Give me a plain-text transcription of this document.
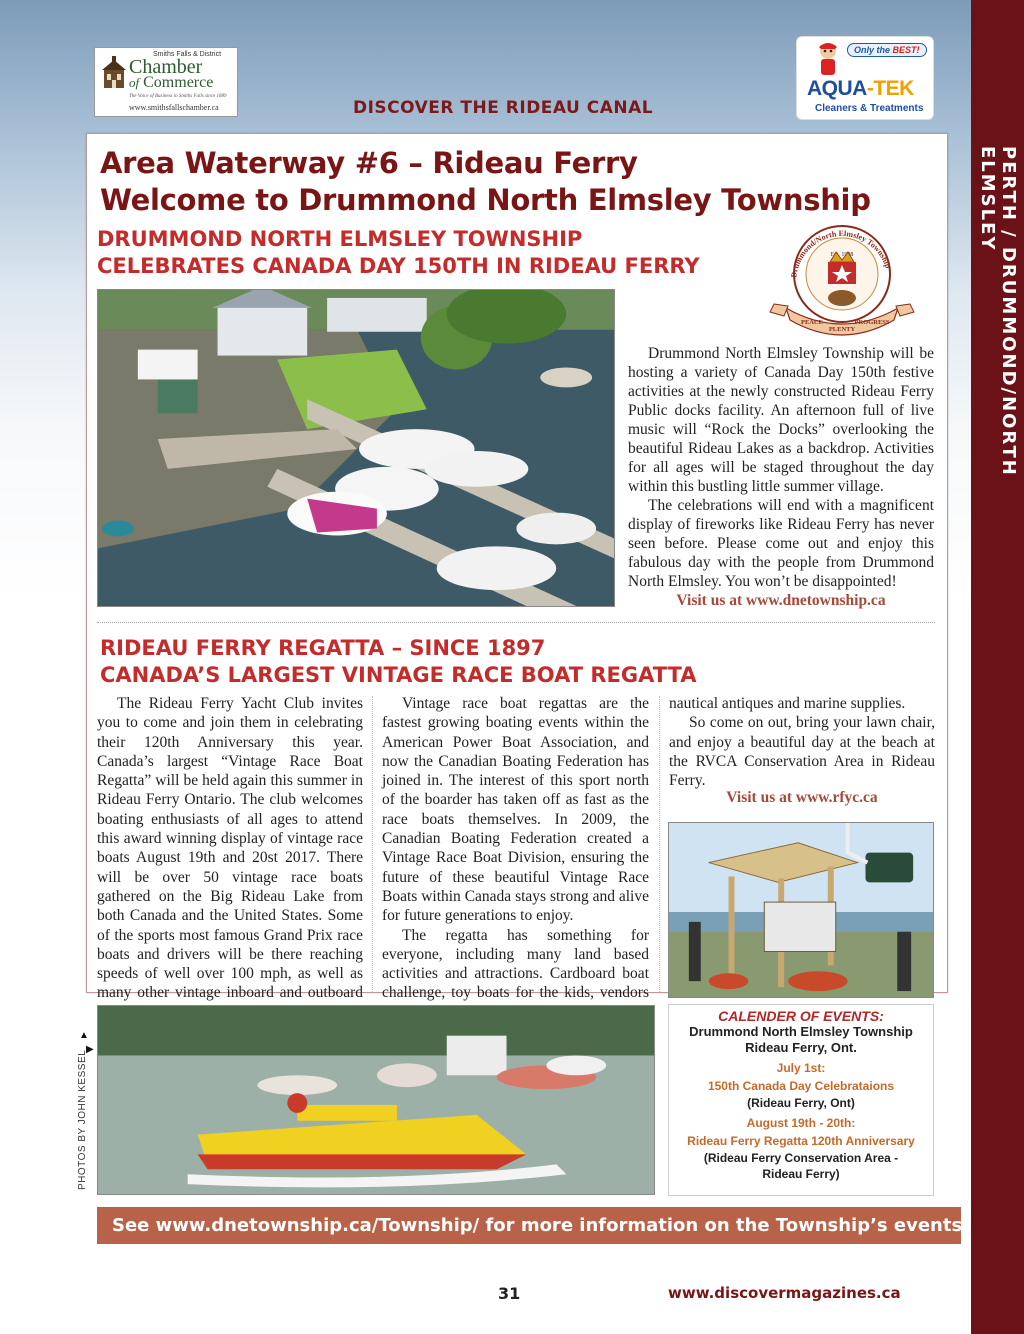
PERTH / DRUMMOND/NORTH ELMSLEY
Smiths Falls & District
Chamber
of Commerce
The Voice of Business in Smiths Falls since 1889
www.smithsfallschamber.ca
Only the BEST!
AQUA-TEK
Cleaners & Treatments
DISCOVER THE RIDEAU CANAL
Area Waterway #6 – Rideau Ferry
Welcome to Drummond North Elmsley Township
DRUMMOND NORTH ELMSLEY TOWNSHIP
CELEBRATES CANADA DAY 150TH IN RIDEAU FERRY	Drummond/North Elmsley Township
Est. 1998
PEACE
PLENTY
PROGRESS

Drummond North Elmsley Township will be hosting a variety of Canada Day 150th festive activities at the newly constructed Rideau Ferry Public docks facility. An afternoon full of live music will “Rock the Docks” overlooking the beautiful Rideau Lakes as a backdrop. Activities for all ages will be staged throughout the day within this bustling little summer village.

The celebrations will end with a magnificent display of fireworks like Rideau Ferry has never seen before. Please come out and enjoy this fabulous day with the people from Drummond North Elmsley. You won’t be disappointed!

Visit us at www.dnetownship.ca
RIDEAU FERRY REGATTA – SINCE 1897
CANADA’S LARGEST VINTAGE RACE BOAT REGATTA

The Rideau Ferry Yacht Club invites you to come and join them in celebrating their 120th Anniversary this year. Canada’s largest “Vintage Race Boat Regatta” will be held again this summer in Rideau Ferry Ontario. The club welcomes boating enthusiasts of all ages to attend this award winning display of vintage race boats August 19th and 20st 2017. There will be over 50 vintage race boats gathered on the Big Rideau Lake from both Canada and the United States. Some of the sports most famous Grand Prix race boats and drivers will be there reaching speeds of well over 100 mph, as well as many other vintage inboard and outboard

Vintage race boat regattas are the fastest growing boating events within the American Power Boat Association, and now the Canadian Boating Federation has joined in. The interest of this sport north of the boarder has taken off as fast as the race boats themselves. In 2009, the Canadian Boating Federation created a Vintage Race Boat Division, ensuring the future of these beautiful Vintage Race Boats within Canada stays strong and alive for future generations to enjoy.

The regatta has something for everyone, including many land based activities and attractions. Cardboard boat challenge, toy boats for the kids, vendors

nautical antiques and marine supplies.

So come on out, bring your lawn chair, and enjoy a beautiful day at the beach at the RVCA Conservation Area in Rideau Ferry.

Visit us at www.rfyc.ca
▲
PHOTOS BY JOHN KESSEL
▶
CALENDER OF EVENTS:
Drummond North Elmsley Township
Rideau Ferry, Ont.
July 1st:
150th Canada Day Celebrataions
(Rideau Ferry, Ont)
August 19th - 20th:
Rideau Ferry Regatta 120th Anniversary
(Rideau Ferry Conservation Area -
Rideau Ferry)
See www.dnetownship.ca/Township/ for more information on the Township’s events
31	www.discovermagazines.ca
